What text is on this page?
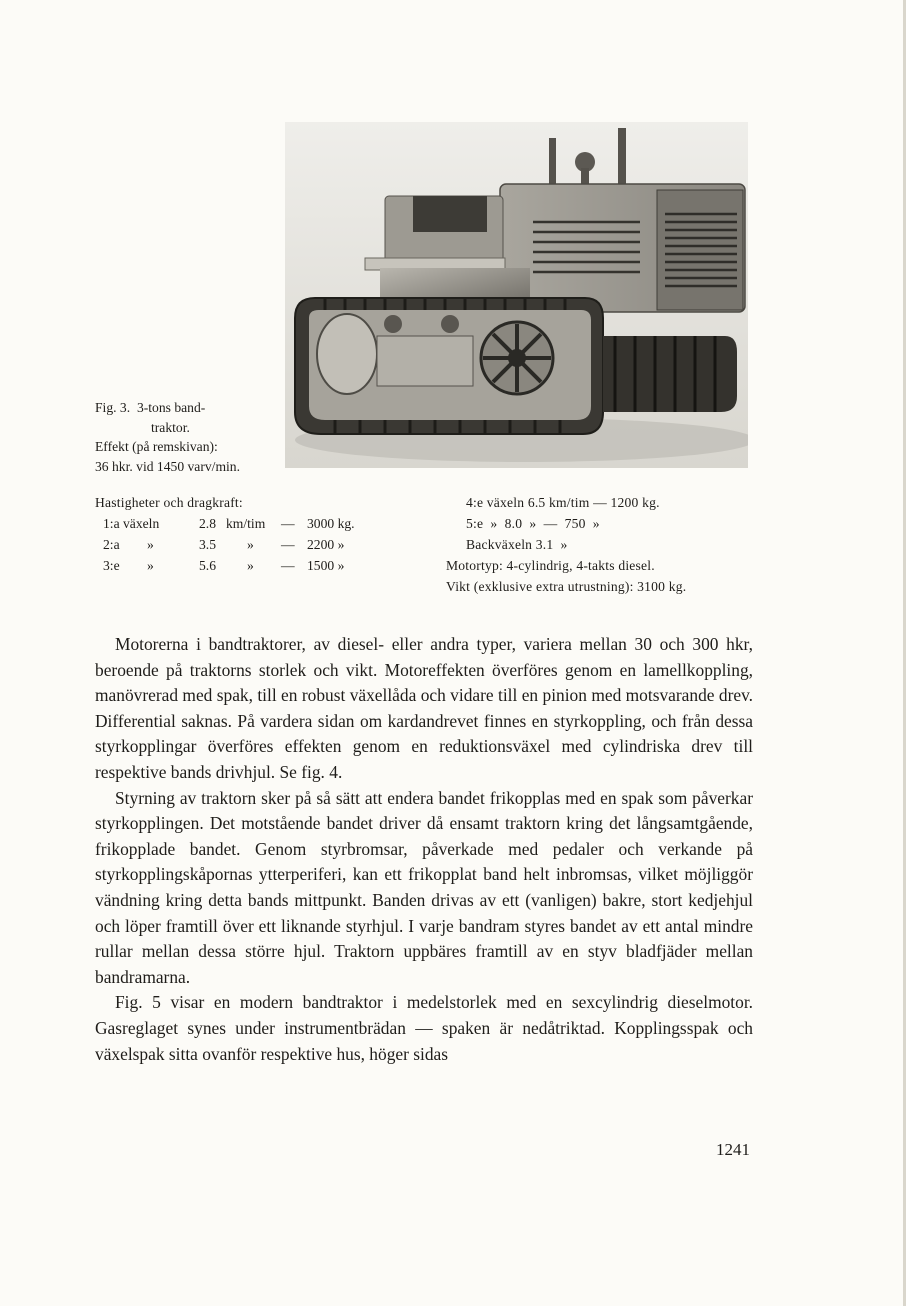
Fig. 3. 3-tons band-
traktor.
Effekt (på remskivan):
36 hkr. vid 1450 varv/min.
Hastigheter och dragkraft:
1:a växeln	2.8 km/tim — 3000 kg.
2:a »	3.5 » — 2200 »
3:e »	5.6 » — 1500 »
4:e växeln 6.5 km/tim — 1200 kg.
5:e  »  8.0  »  —  750  »
Backväxeln 3.1  »
Motortyp: 4-cylindrig, 4-takts diesel.
Vikt (exklusive extra utrustning): 3100 kg.

Motorerna i bandtraktorer, av diesel- eller andra typer, variera mellan 30 och 300 hkr, beroende på traktorns storlek och vikt. Motoreffekten överföres genom en lamellkoppling, manövrerad med spak, till en robust växellåda och vidare till en pinion med motsvarande drev. Differential saknas. På vardera sidan om kardandrevet finnes en styrkoppling, och från dessa styrkopplingar överföres effekten genom en reduktionsväxel med cylindriska drev till respektive bands drivhjul. Se fig. 4.

Styrning av traktorn sker på så sätt att endera bandet frikopplas med en spak som påverkar styrkopplingen. Det motstående bandet driver då ensamt traktorn kring det långsamtgående, frikopplade bandet. Genom styrbromsar, påverkade med pedaler och verkande på styrkopplingskåpornas ytterperiferi, kan ett frikopplat band helt inbromsas, vilket möjliggör vändning kring detta bands mittpunkt. Banden drivas av ett (vanligen) bakre, stort kedjehjul och löper framtill över ett liknande styrhjul. I varje bandram styres bandet av ett antal mindre rullar mellan dessa större hjul. Traktorn uppbäres framtill av en styv bladfjäder mellan bandramarna.

Fig. 5 visar en modern bandtraktor i medelstorlek med en sexcylindrig dieselmotor. Gasreglaget synes under instrumentbrädan — spaken är nedåtriktad. Kopplingsspak och växelspak sitta ovanför respektive hus, höger sidas

1241
